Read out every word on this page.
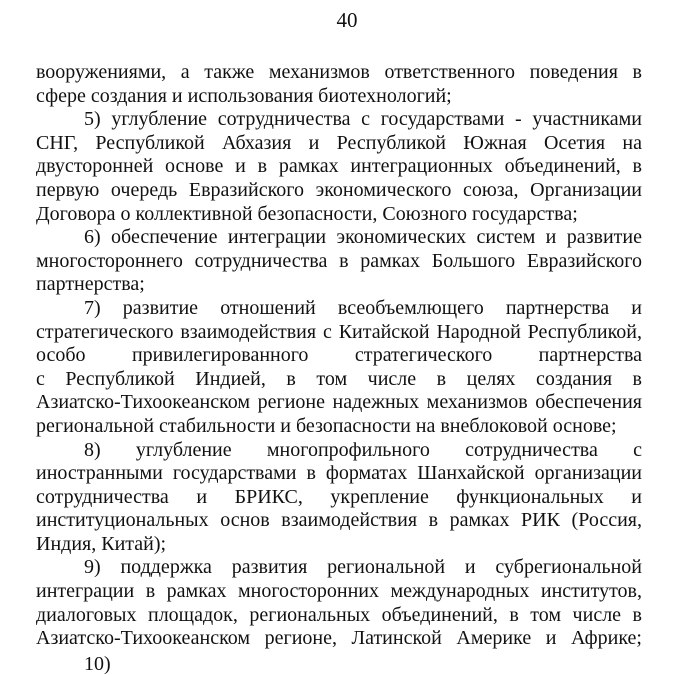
40
вооружениями, а также механизмов ответственного поведения в
сфере создания и использования биотехнологий;
5) углубление сотрудничества с государствами - участниками
СНГ, Республикой Абхазия и Республикой Южная Осетия на
двусторонней основе и в рамках интеграционных объединений, в
первую очередь Евразийского экономического союза, Организации
Договора о коллективной безопасности, Союзного государства;
6) обеспечение интеграции экономических систем и развитие
многостороннего сотрудничества в рамках Большого Евразийского
партнерства;
7) развитие отношений всеобъемлющего партнерства и
стратегического взаимодействия с Китайской Народной Республикой,
особо привилегированного стратегического партнерства
с Республикой Индией, в том числе в целях создания в
Азиатско-Тихоокеанском регионе надежных механизмов обеспечения
региональной стабильности и безопасности на внеблоковой основе;
8) углубление многопрофильного сотрудничества с
иностранными государствами в форматах Шанхайской организации
сотрудничества и БРИКС, укрепление функциональных и
институциональных основ взаимодействия в рамках РИК (Россия,
Индия, Китай);
9) поддержка развития региональной и субрегиональной
интеграции в рамках многосторонних международных институтов,
диалоговых площадок, региональных объединений, в том числе в
Азиатско-Тихоокеанском регионе, Латинской Америке и Африке;
10)
